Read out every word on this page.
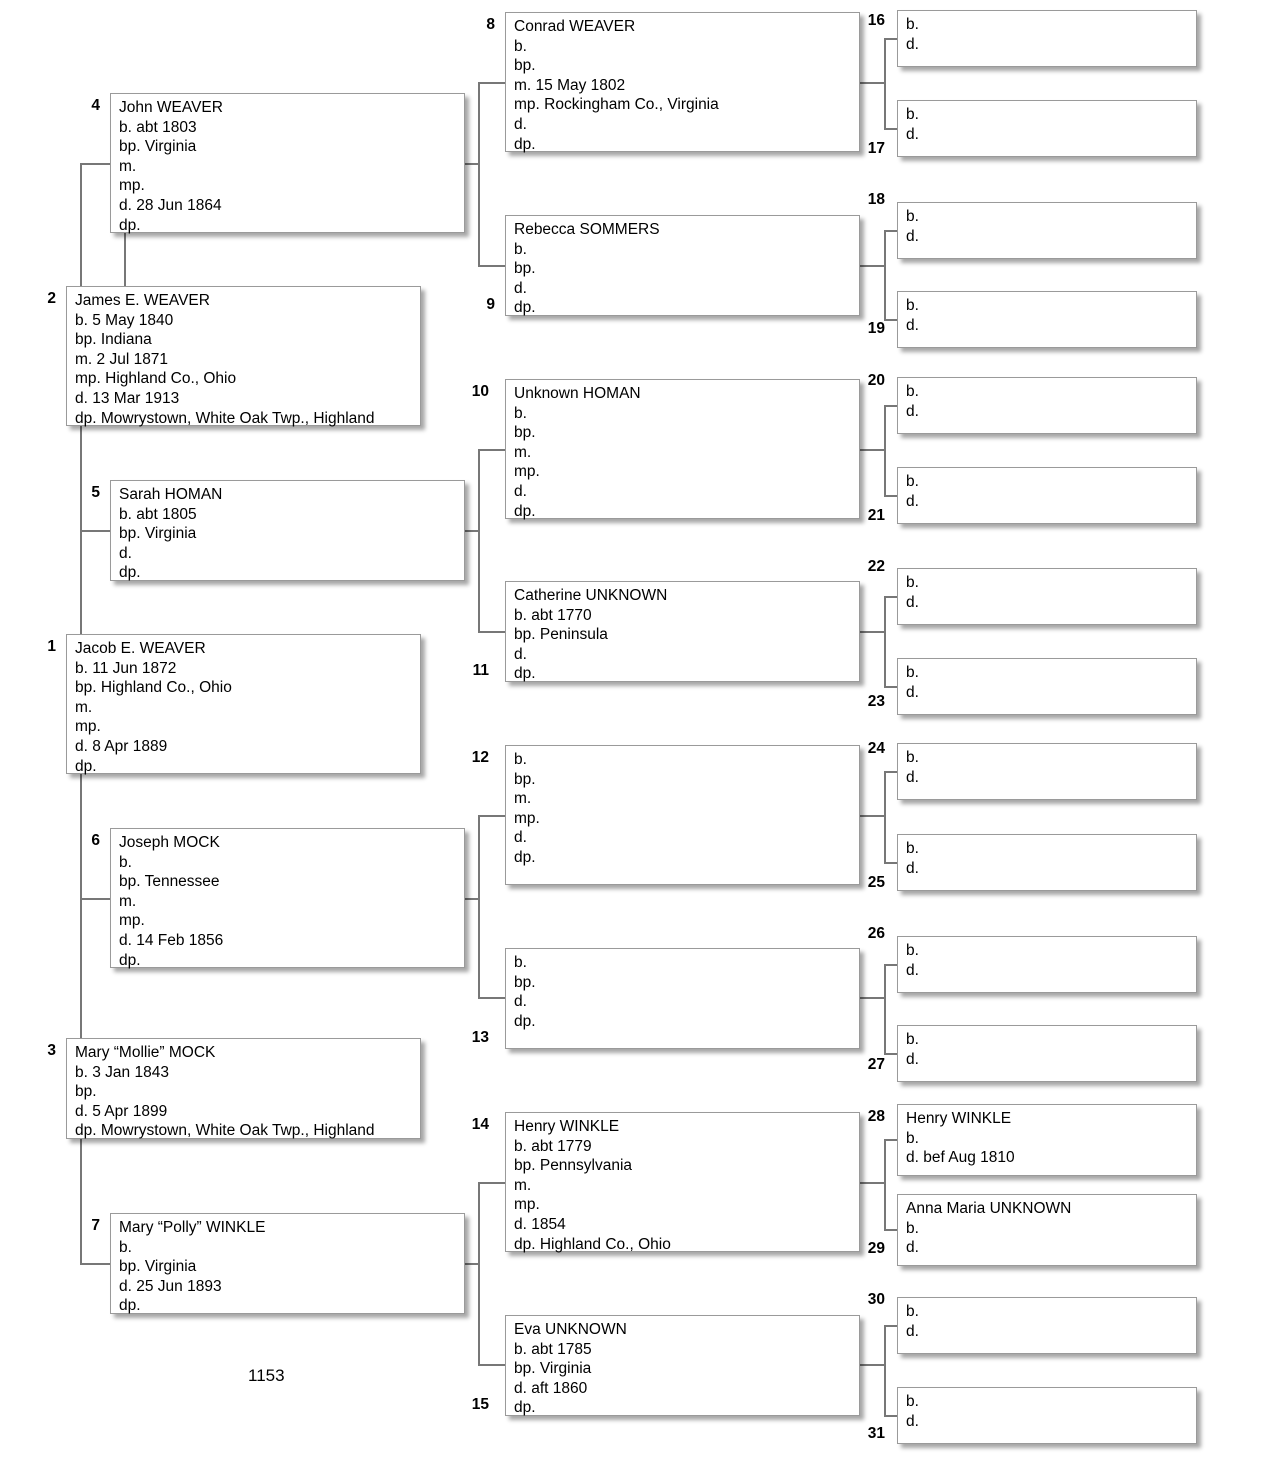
Jacob E. WEAVER
b. 11 Jun 1872
bp. Highland Co., Ohio
m.
mp.
d. 8 Apr 1889
dp.
1
James E. WEAVER
b. 5 May 1840
bp. Indiana
m. 2 Jul 1871
mp. Highland Co., Ohio
d. 13 Mar 1913
dp. Mowrystown, White Oak Twp., Highland
2
Mary “Mollie” MOCK
b. 3 Jan 1843
bp.
d. 5 Apr 1899
dp. Mowrystown, White Oak Twp., Highland
3
John WEAVER
b. abt 1803
bp. Virginia
m.
mp.
d. 28 Jun 1864
dp.
4
Sarah HOMAN
b. abt 1805
bp. Virginia
d.
dp.
5
Joseph MOCK
b.
bp. Tennessee
m.
mp.
d. 14 Feb 1856
dp.
6
Mary “Polly” WINKLE
b.
bp. Virginia
d. 25 Jun 1893
dp.
7
Conrad WEAVER
b.
bp.
m. 15 May 1802
mp. Rockingham Co., Virginia
d.
dp.
8
Rebecca SOMMERS
b.
bp.
d.
dp.
9
Unknown HOMAN
b.
bp.
m.
mp.
d.
dp.
10
Catherine UNKNOWN
b. abt 1770
bp. Peninsula
d.
dp.
11
b.
bp.
m.
mp.
d.
dp.
12
b.
bp.
d.
dp.
13
Henry WINKLE
b. abt 1779
bp. Pennsylvania
m.
mp.
d. 1854
dp. Highland Co., Ohio
14
Eva UNKNOWN
b. abt 1785
bp. Virginia
d. aft 1860
dp.
15
b.
d.
16
b.
d.
17
b.
d.
18
b.
d.
19
b.
d.
20
b.
d.
21
b.
d.
22
b.
d.
23
b.
d.
24
b.
d.
25
b.
d.
26
b.
d.
27
Henry WINKLE
b.
d. bef Aug 1810
28
Anna Maria UNKNOWN
b.
d.
29
b.
d.
30
b.
d.
31
1153
